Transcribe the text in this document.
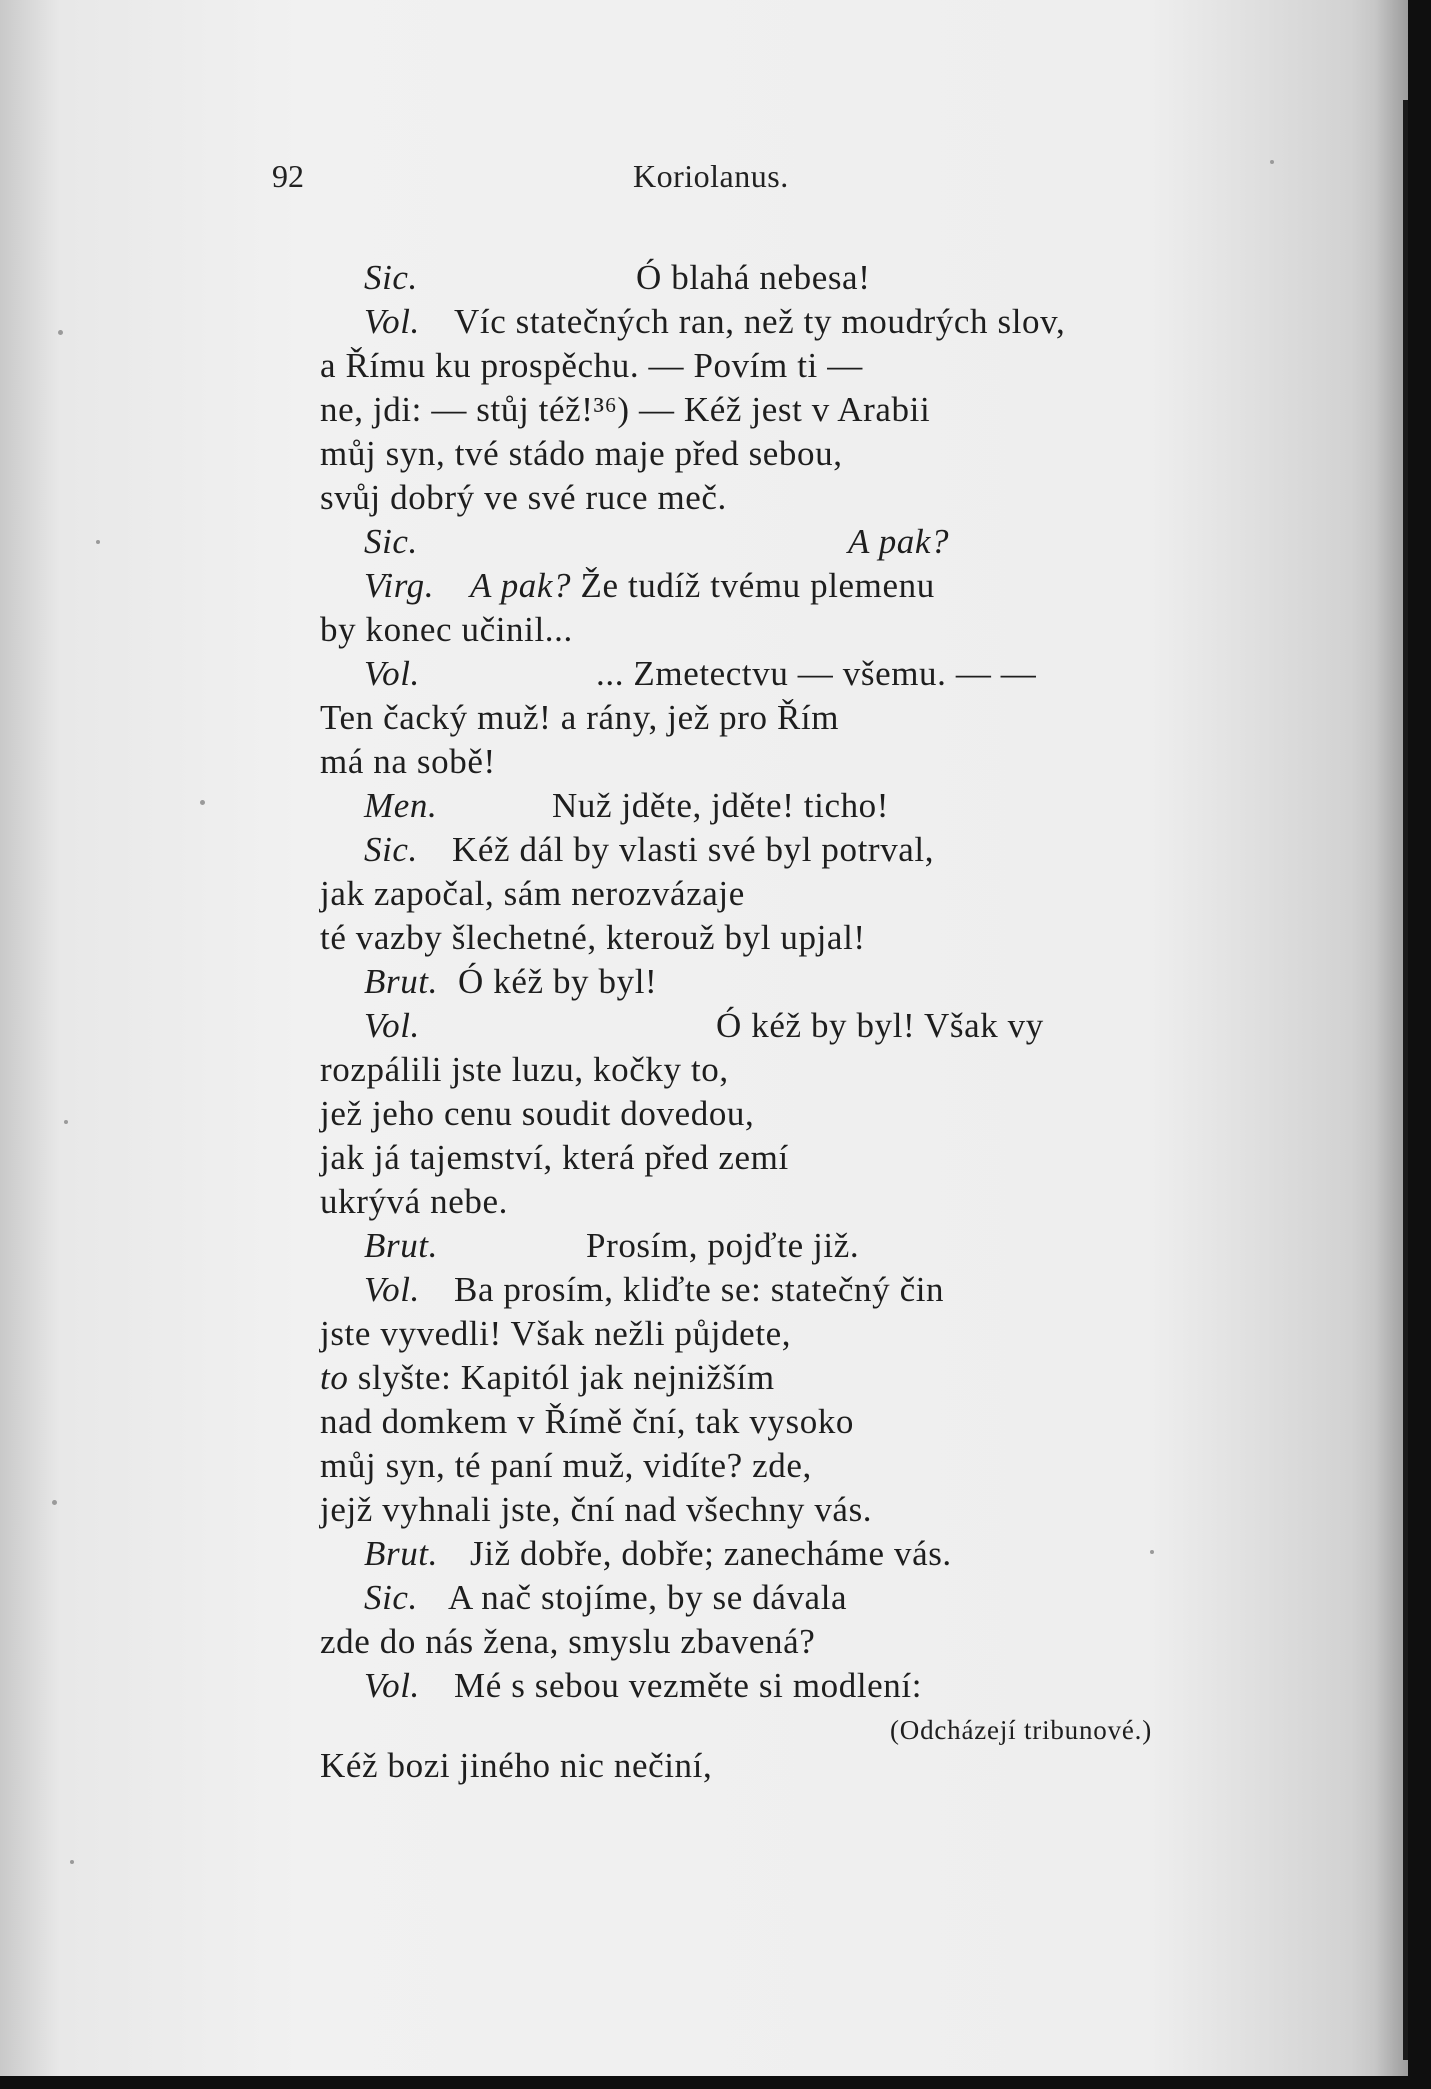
92	Koriolanus.
Sic.	Ó blahá nebesa!
Vol. Víc statečných ran, než ty moudrých slov,
a Římu ku prospěchu. — Povím ti —
ne, jdi: — stůj též!³⁶) — Kéž jest v Arabii
můj syn, tvé stádo maje před sebou,
svůj dobrý ve své ruce meč.
Sic.	A pak?
Virg. A pak? Že tudíž tvému plemenu
by konec učinil...
Vol.	... Zmetectvu — všemu. — —
Ten čacký muž! a rány, jež pro Řím
má na sobě!
Men.	Nuž jděte, jděte! ticho!
Sic. Kéž dál by vlasti své byl potrval,
jak započal, sám nerozvázaje
té vazby šlechetné, kterouž byl upjal!
Brut. Ó kéž by byl!
Vol.	Ó kéž by byl! Však vy
rozpálili jste luzu, kočky to,
jež jeho cenu soudit dovedou,
jak já tajemství, která před zemí
ukrývá nebe.
Brut.	Prosím, pojďte již.
Vol. Ba prosím, kliďte se: statečný čin
jste vyvedli! Však nežli půjdete,
to slyšte: Kapitól jak nejnižším
nad domkem v Římě ční, tak vysoko
můj syn, té paní muž, vidíte? zde,
jejž vyhnali jste, ční nad všechny vás.
Brut. Již dobře, dobře; zanecháme vás.
Sic. A nač stojíme, by se dávala
zde do nás žena, smyslu zbavená?
Vol. Mé s sebou vezměte si modlení:
(Odcházejí tribunové.)
Kéž bozi jiného nic nečiní,
